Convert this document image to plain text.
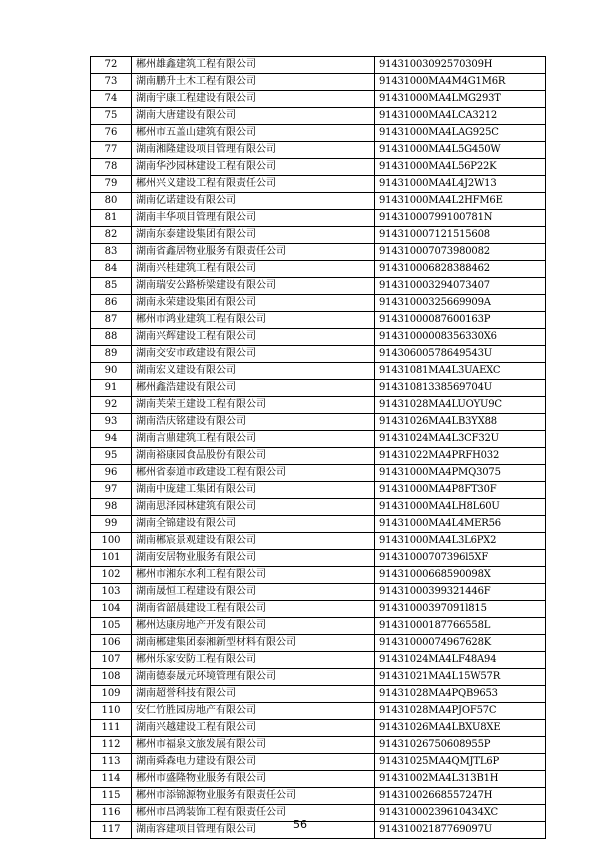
72	郴州雄鑫建筑工程有限公司	91431003092570309H
73	湖南鹏升土木工程有限公司	91431000MA4M4G1M6R
74	湖南宇康工程建设有限公司	91431000MA4LMG293T
75	湖南大唐建设有限公司	91431000MA4LCA3212
76	郴州市五盖山建筑有限公司	91431000MA4LAG925C
77	湖南湘隆建设项目管理有限公司	91431000MA4L5G450W
78	湖南华沙园林建设工程有限公司	91431000MA4L56P22K
79	郴州兴义建设工程有限责任公司	91431000MA4L4J2W13
80	湖南亿诺建设有限公司	91431000MA4L2HFM6E
81	湖南丰华项目管理有限公司	91431000799100781N
82	湖南东泰建设集团有限公司	914310007121515608
83	湖南省鑫居物业服务有限责任公司	914310007073980082
84	湖南兴桂建筑工程有限公司	914310006828388462
85	湖南瑞安公路桥梁建设有限公司	914310003294073407
86	湖南永荣建设集团有限公司	91431000325669909A
87	郴州市鸿业建筑工程有限公司	91431000087600163P
88	湖南兴辉建设工程有限公司	91431000008356330X6
89	湖南交安市政建设有限公司	91430600578649543U
90	湖南宏义建设有限公司	91431081MA4L3UAEXC
91	郴州鑫浩建设有限公司	91431081338569704U
92	湖南芙荣王建设工程有限公司	91431028MA4LUOYU9C
93	湖南浩庆铭建设有限公司	91431026MA4LB3YX88
94	湖南言鼎建筑工程有限公司	91431024MA4L3CF32U
95	湖南裕康园食品股份有限公司	91431022MA4PRFH032
96	郴州省泰道市政建设工程有限公司	91431000MA4PMQ3075
97	湖南中庞建工集团有限公司	91431000MA4P8FT30F
98	湖南思泽园林建筑有限公司	91431000MA4LH8L60U
99	湖南全锦建设有限公司	91431000MA4L4MER56
100	湖南郴宸景观建设有限公司	91431000MA4L3L6PX2
101	湖南安居物业服务有限公司	91431000707396l5XF
102	郴州市湘东水利工程有限公司	91431000668590098X
103	湖南晟恒工程建设有限公司	91431000399321446F
104	湖南省韶晨建设工程有限公司	91431000397091l815
105	郴州达康房地产开发有限公司	91431000187766558L
106	湖南郴建集团泰湘新型材料有限公司	91431000074967628K
107	郴州乐家安防工程有限公司	91431024MA4LF48A94
108	湖南德泰晟元环境管理有限公司	91431021MA4L15W57R
109	湖南超誉科技有限公司	91431028MA4PQB9653
110	安仁竹胜园房地产有限公司	91431028MA4PJOF57C
111	湖南兴越建设工程有限公司	91431026MA4LBXU8XE
112	郴州市福泉文旅发展有限公司	91431026750608955P
113	湖南舜森电力建设有限公司	91431025MA4QMJTL6P
114	郴州市盛隆物业服务有限公司	91431002MA4L313B1H
115	郴州市添锦源物业服务有限责任公司	91431002668557247H
116	郴州市昌鸿装饰工程有限责任公司	91431000239610434XC
117	湖南容建项目管理有限公司	91431002187769097U
56
